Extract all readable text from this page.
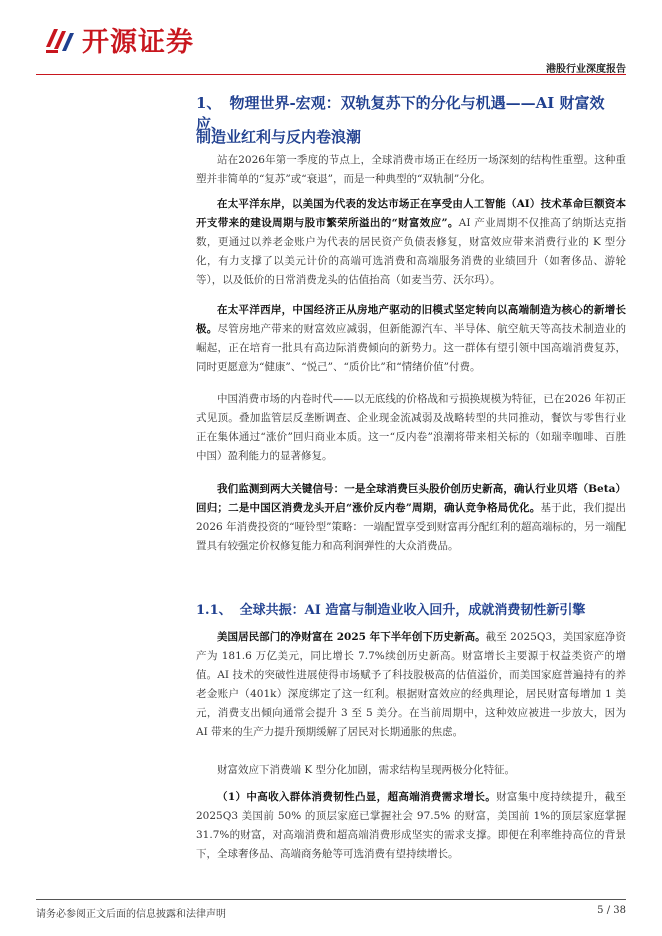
开源证券
港股行业深度报告
1、 物理世界-宏观：双轨复苏下的分化与机遇——AI 财富效应、
制造业红利与反内卷浪潮
站在2026年第一季度的节点上，全球消费市场正在经历一场深刻的结构性重塑。这种重塑并非简单的“复苏”或“衰退”，而是一种典型的“双轨制”分化。
在太平洋东岸，以美国为代表的发达市场正在享受由人工智能（AI）技术革命巨额资本开支带来的建设周期与股市繁荣所溢出的“财富效应”。AI 产业周期不仅推高了纳斯达克指数，更通过以养老金账户为代表的居民资产负债表修复，财富效应带来消费行业的 K 型分化，有力支撑了以美元计价的高端可选消费和高端服务消费的业绩回升（如奢侈品、游轮等），以及低价的日常消费龙头的估值抬高（如麦当劳、沃尔玛）。
在太平洋西岸，中国经济正从房地产驱动的旧模式坚定转向以高端制造为核心的新增长极。尽管房地产带来的财富效应减弱，但新能源汽车、半导体、航空航天等高技术制造业的崛起，正在培育一批具有高边际消费倾向的新势力。这一群体有望引领中国高端消费复苏，同时更愿意为“健康”、“悦己”、“质价比”和“情绪价值”付费。
中国消费市场的内卷时代——以无底线的价格战和亏损换规模为特征，已在2026 年初正式见顶。叠加监管层反垄断调查、企业现金流减弱及战略转型的共同推动，餐饮与零售行业正在集体通过“涨价”回归商业本质。这一“反内卷”浪潮将带来相关标的（如瑞幸咖啡、百胜中国）盈利能力的显著修复。
我们监测到两大关键信号：一是全球消费巨头股价创历史新高，确认行业贝塔（Beta）回归；二是中国区消费龙头开启“涨价反内卷”周期，确认竞争格局优化。基于此，我们提出 2026 年消费投资的“哑铃型”策略：一端配置享受到财富再分配红利的超高端标的，另一端配置具有较强定价权修复能力和高利润弹性的大众消费品。
1.1、 全球共振：AI 造富与制造业收入回升，成就消费韧性新引擎
美国居民部门的净财富在 2025 年下半年创下历史新高。截至 2025Q3，美国家庭净资产为 181.6 万亿美元，同比增长 7.7%续创历史新高。财富增长主要源于权益类资产的增值。AI 技术的突破性进展使得市场赋予了科技股极高的估值溢价，而美国家庭普遍持有的养老金账户（401k）深度绑定了这一红利。根据财富效应的经典理论，居民财富每增加 1 美元，消费支出倾向通常会提升 3 至 5 美分。在当前周期中，这种效应被进一步放大，因为 AI 带来的生产力提升预期缓解了居民对长期通胀的焦虑。
财富效应下消费端 K 型分化加剧，需求结构呈现两极分化特征。
（1）中高收入群体消费韧性凸显，超高端消费需求增长。财富集中度持续提升，截至 2025Q3 美国前 50% 的顶层家庭已掌握社会 97.5% 的财富，美国前 1%的顶层家庭掌握 31.7%的财富，对高端消费和超高端消费形成坚实的需求支撑。即便在利率维持高位的背景下，全球奢侈品、高端商务舱等可选消费有望持续增长。
请务必参阅正文后面的信息披露和法律声明	5 / 38
